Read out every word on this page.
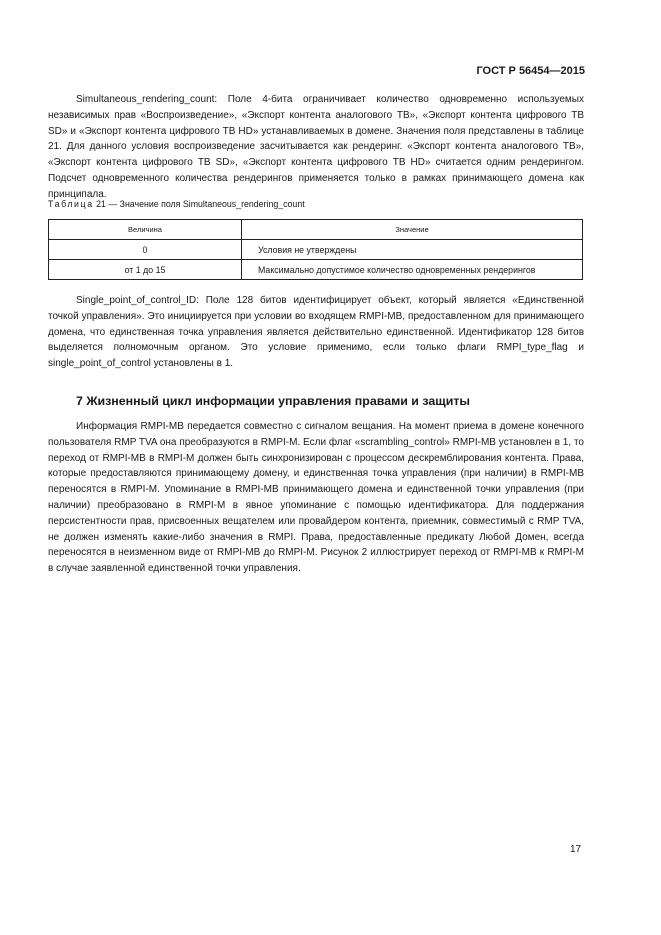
ГОСТ Р 56454—2015

Simultaneous_rendering_count: Поле 4-бита ограничивает количество одновременно используемых независимых прав «Воспроизведение», «Экспорт контента аналогового ТВ», «Экспорт контента цифрового ТВ SD» и «Экспорт контента цифрового ТВ HD» устанавливаемых в домене. Значения поля представлены в таблице 21. Для данного условия воспроизведение засчитывается как рендеринг. «Экспорт контента аналогового ТВ», «Экспорт контента цифрового ТВ SD», «Экспорт контента цифрового ТВ HD» считается одним рендерингом. Подсчет одновременного количества рендерингов применяется только в рамках принимающего домена как принципала.

Таблица 21 — Значение поля Simultaneous_rendering_count
Величина	Значение
0	Условия не утверждены
от 1 до 15	Максимально допустимое количество одновременных рендерингов

Single_point_of_control_ID: Поле 128 битов идентифицирует объект, который является «Единственной точкой управления». Это инициируется при условии во входящем RMPI-MB, предоставленном для принимающего домена, что единственная точка управления является действительно единственной. Идентификатор 128 битов выделяется полномочным органом. Это условие применимо, если только флаги RMPI_type_flag и single_point_of_control установлены в 1.

7 Жизненный цикл информации управления правами и защиты

Информация RMPI-MB передается совместно с сигналом вещания. На момент приема в домене конечного пользователя RMP TVA она преобразуются в RMPI-M. Если флаг «scrambling_control» RMPI-MB установлен в 1, то переход от RMPI-MB в RMPI-M должен быть синхронизирован с процессом дескремблирования контента. Права, которые предоставляются принимающему домену, и единственная точка управления (при наличии) в RMPI-MB переносятся в RMPI-M. Упоминание в RMPI-MB принимающего домена и единственной точки управления (при наличии) преобразовано в RMPI-M в явное упоминание с помощью идентификатора. Для поддержания персистентности прав, присвоенных вещателем или провайдером контента, приемник, совместимый с RMP TVA, не должен изменять какие-либо значения в RMPI. Права, предоставленные предикату Любой Домен, всегда переносятся в неизменном виде от RMPI-MB до RMPI-M. Рисунок 2 иллюстрирует переход от RMPI-MB к RMPI-M в случае заявленной единственной точки управления.

17
